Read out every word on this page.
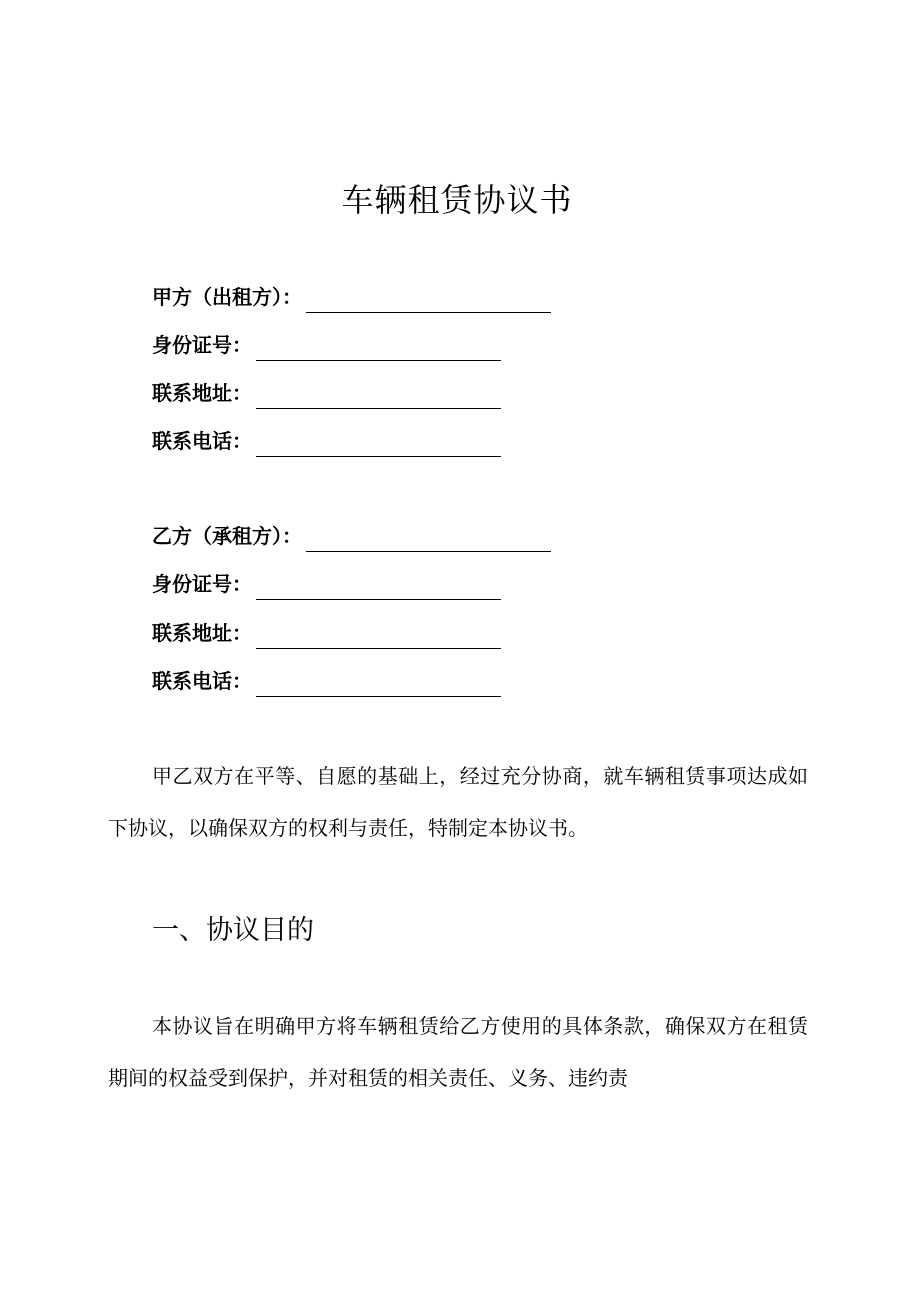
车辆租赁协议书
甲方（出租方）：
身份证号：
联系地址：
联系电话：
乙方（承租方）：
身份证号：
联系地址：
联系电话：

甲乙双方在平等、自愿的基础上，经过充分协商，就车辆租赁事项达成如下协议，以确保双方的权利与责任，特制定本协议书。

一、协议目的

本协议旨在明确甲方将车辆租赁给乙方使用的具体条款，确保双方在租赁期间的权益受到保护，并对租赁的相关责任、义务、违约责
